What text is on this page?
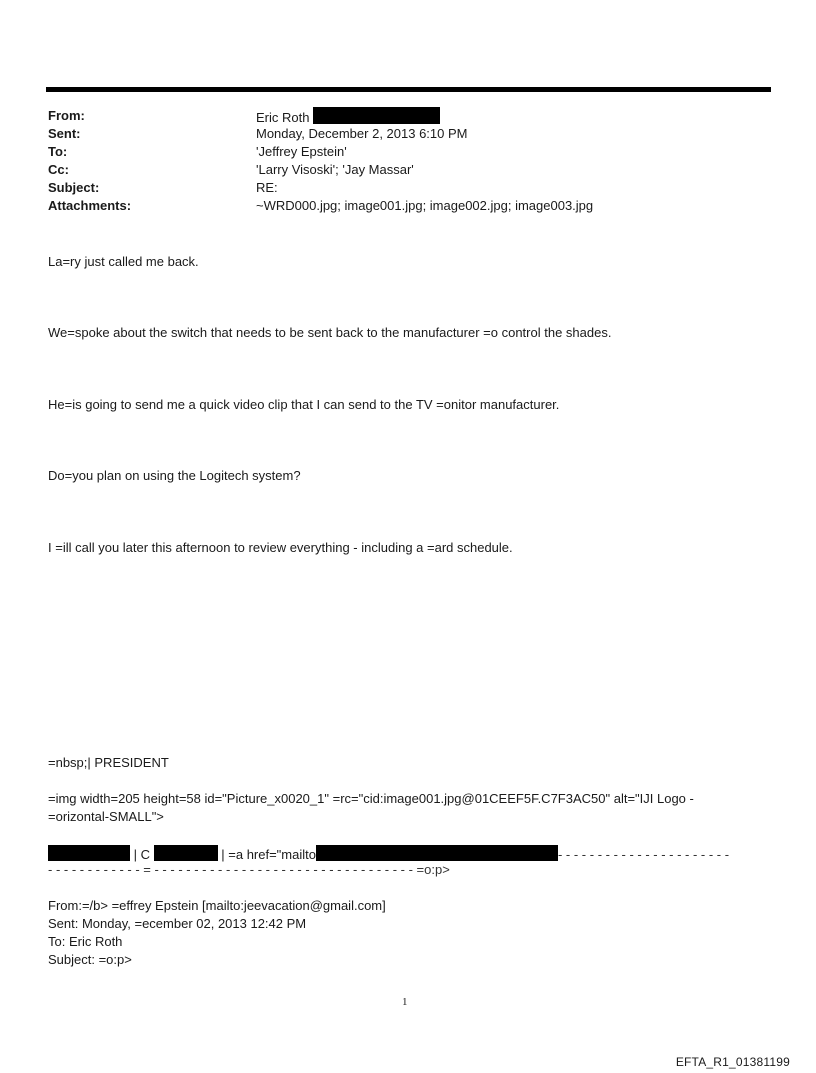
From:	Eric Roth
Sent:	Monday, December 2, 2013 6:10 PM
To:	'Jeffrey Epstein'
Cc:	'Larry Visoski'; 'Jay Massar'
Subject:	RE:
Attachments:	~WRD000.jpg; image001.jpg; image002.jpg; image003.jpg
La=ry just called me back.
We=spoke about the switch that needs to be sent back to the manufacturer =o control the shades.
He=is going to send me a quick video clip that I can send to the TV =onitor manufacturer.
Do=you plan on using the Logitech system?
I =ill call you later this afternoon to review everything - including a =ard schedule.
=nbsp;| PRESIDENT
=img width=205 height=58 id="Picture_x0020_1" =rc="cid:image001.jpg@01CEEF5F.C7F3AC50" alt="IJI Logo - =orizontal-SMALL">
| C	| =a href="mailto	- - - - - - - - - - - - - - - - - - - - - -
- - - - - - - - - - - - = - - - - - - - - - - - - - - - - - - - - - - - - - - - - - - - - - =o:p>
From:=/b> =effrey Epstein [mailto:jeevacation@gmail.com]
Sent: Monday, =ecember 02, 2013 12:42 PM
To: Eric Roth
Subject: =o:p>
1
EFTA_R1_01381199
